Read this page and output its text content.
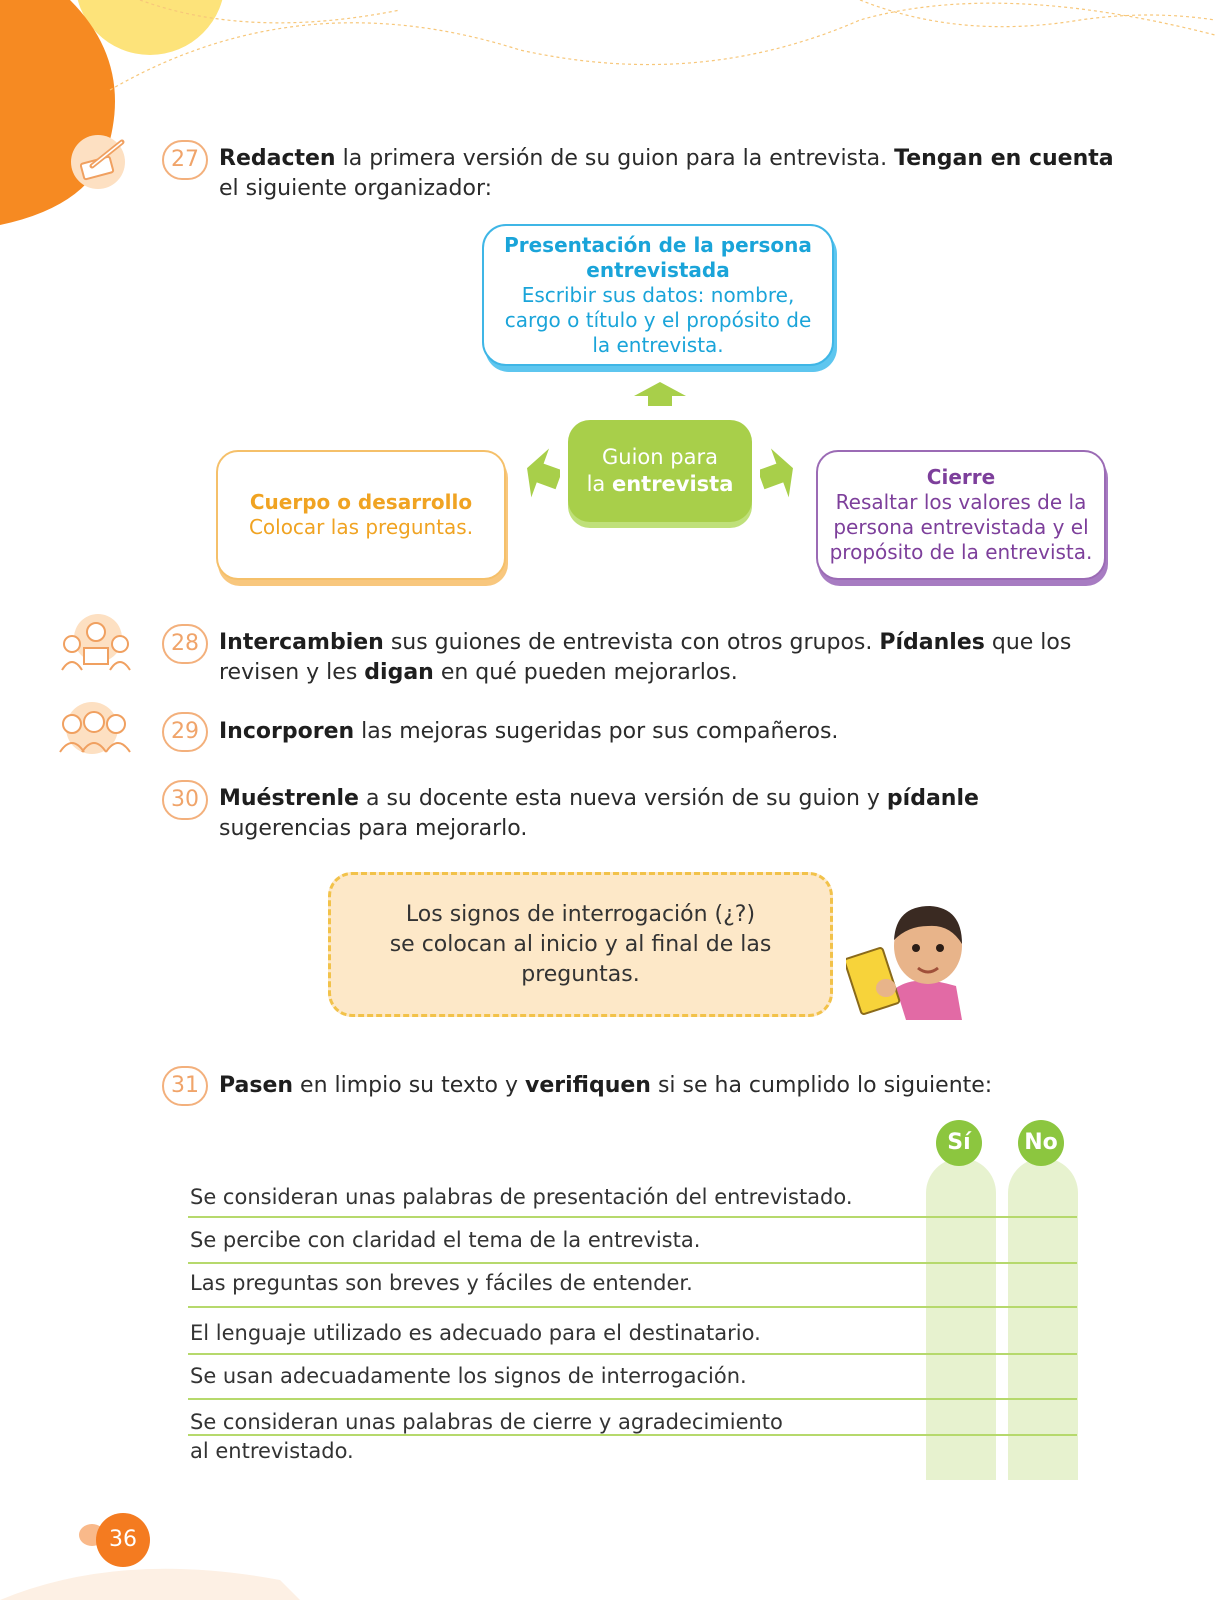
27 Redacten la primera versión de su guion para la entrevista. Tengan en cuenta el siguiente organizador:
Presentación de la persona
entrevistada
Escribir sus datos: nombre,
cargo o título y el propósito de
la entrevista.
Guion para
la entrevista
Cuerpo o desarrollo
Colocar las preguntas.
Cierre
Resaltar los valores de la
persona entrevistada y el
propósito de la entrevista.
28 Intercambien sus guiones de entrevista con otros grupos. Pídanles que los revisen y les digan en qué pueden mejorarlos.
29 Incorporen las mejoras sugeridas por sus compañeros.
30 Muéstrenle a su docente esta nueva versión de su guion y pídanle sugerencias para mejorarlo.
Los signos de interrogación (¿?)
se colocan al inicio y al final de las
preguntas.
31 Pasen en limpio su texto y verifiquen si se ha cumplido lo siguiente:
Sí	No
Se consideran unas palabras de presentación del entrevistado.
Se percibe con claridad el tema de la entrevista.
Las preguntas son breves y fáciles de entender.
El lenguaje utilizado es adecuado para el destinatario.
Se usan adecuadamente los signos de interrogación.
Se consideran unas palabras de cierre y agradecimiento
al entrevistado.
36
